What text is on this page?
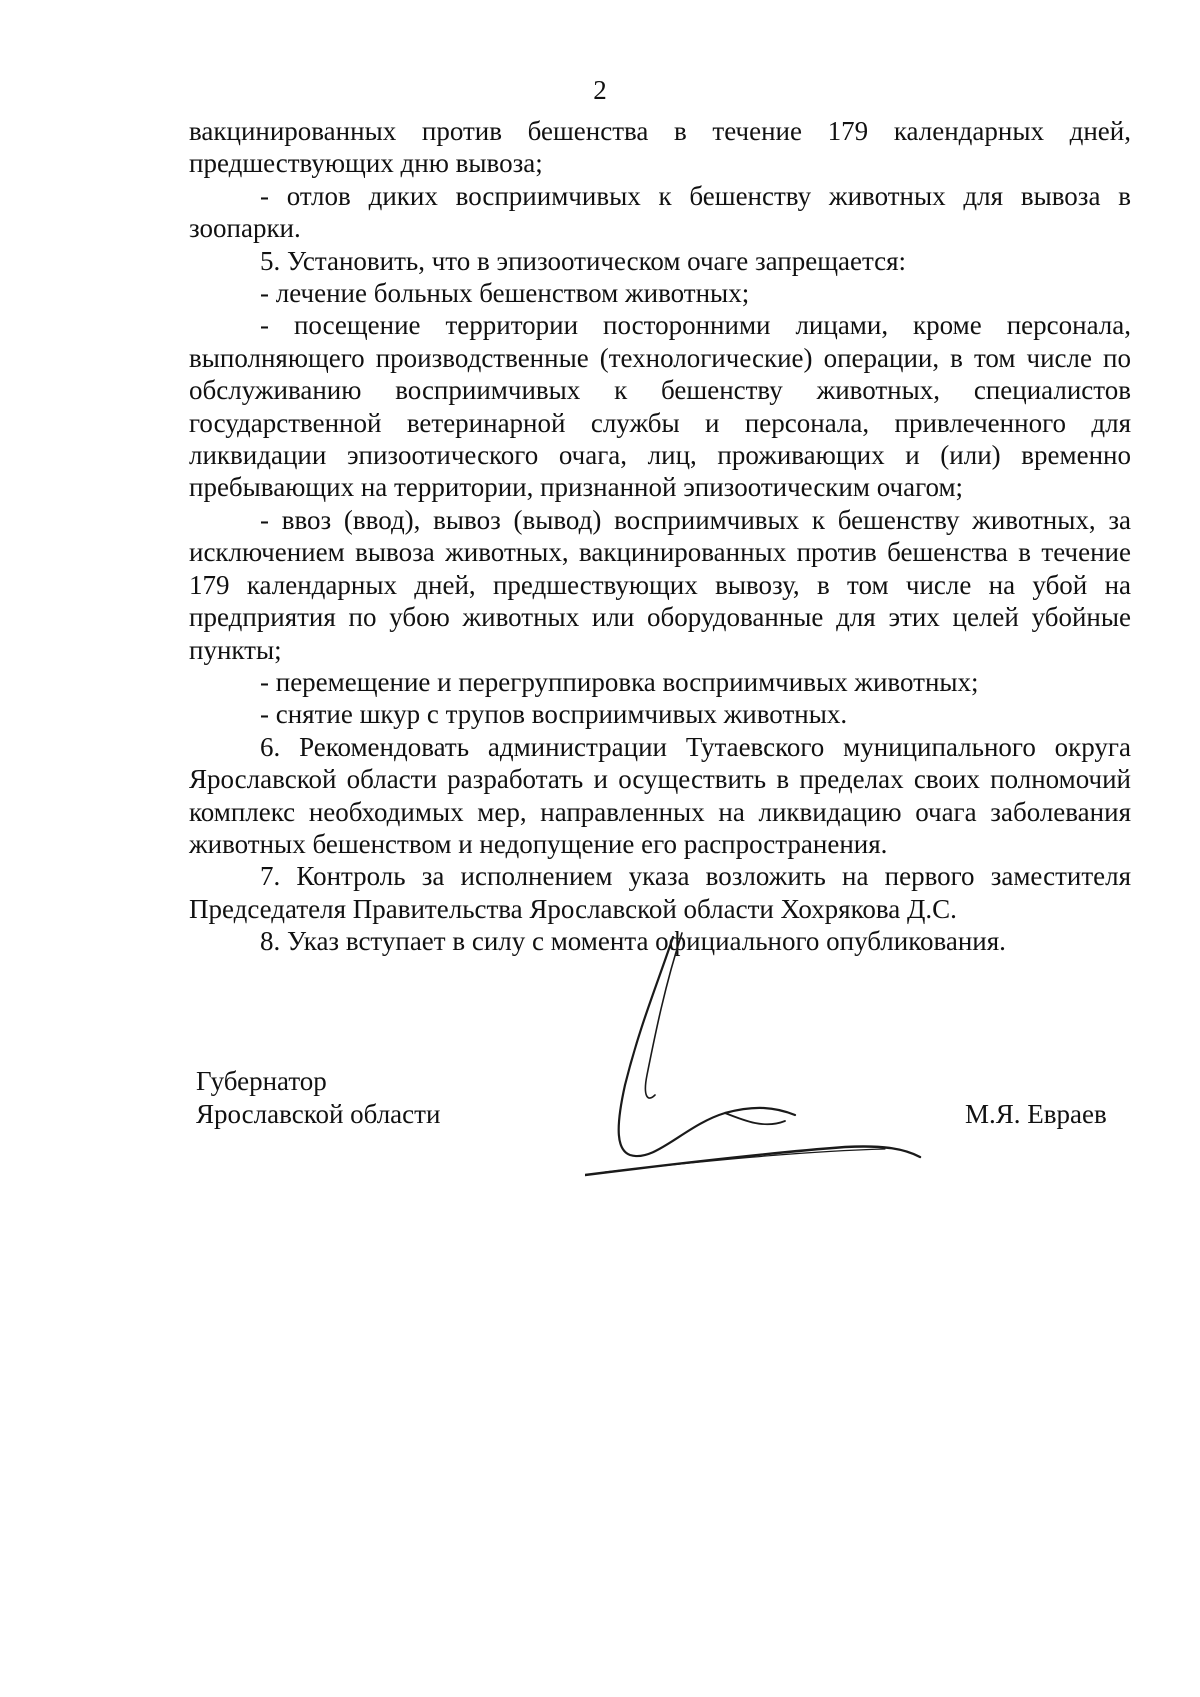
2

вакцинированных против бешенства в течение 179 календарных дней, предшествующих дню вывоза;

- отлов диких восприимчивых к бешенству животных для вывоза в зоопарки.

5. Установить, что в эпизоотическом очаге запрещается:

- лечение больных бешенством животных;

- посещение территории посторонними лицами, кроме персонала, выполняющего производственные (технологические) операции, в том числе по обслуживанию восприимчивых к бешенству животных, специалистов государственной ветеринарной службы и персонала, привлеченного для ликвидации эпизоотического очага, лиц, проживающих и (или) временно пребывающих на территории, признанной эпизоотическим очагом;

- ввоз (ввод), вывоз (вывод) восприимчивых к бешенству животных, за исключением вывоза животных, вакцинированных против бешенства в течение 179 календарных дней, предшествующих вывозу, в том числе на убой на предприятия по убою животных или оборудованные для этих целей убойные пункты;

- перемещение и перегруппировка восприимчивых животных;

- снятие шкур с трупов восприимчивых животных.

6. Рекомендовать администрации Тутаевского муниципального округа Ярославской области разработать и осуществить в пределах своих полномочий комплекс необходимых мер, направленных на ликвидацию очага заболевания животных бешенством и недопущение его распространения.

7. Контроль за исполнением указа возложить на первого заместителя Председателя Правительства Ярославской области Хохрякова Д.С.

8. Указ вступает в силу с момента официального опубликования.

Губернатор
Ярославской области	М.Я. Евраев
